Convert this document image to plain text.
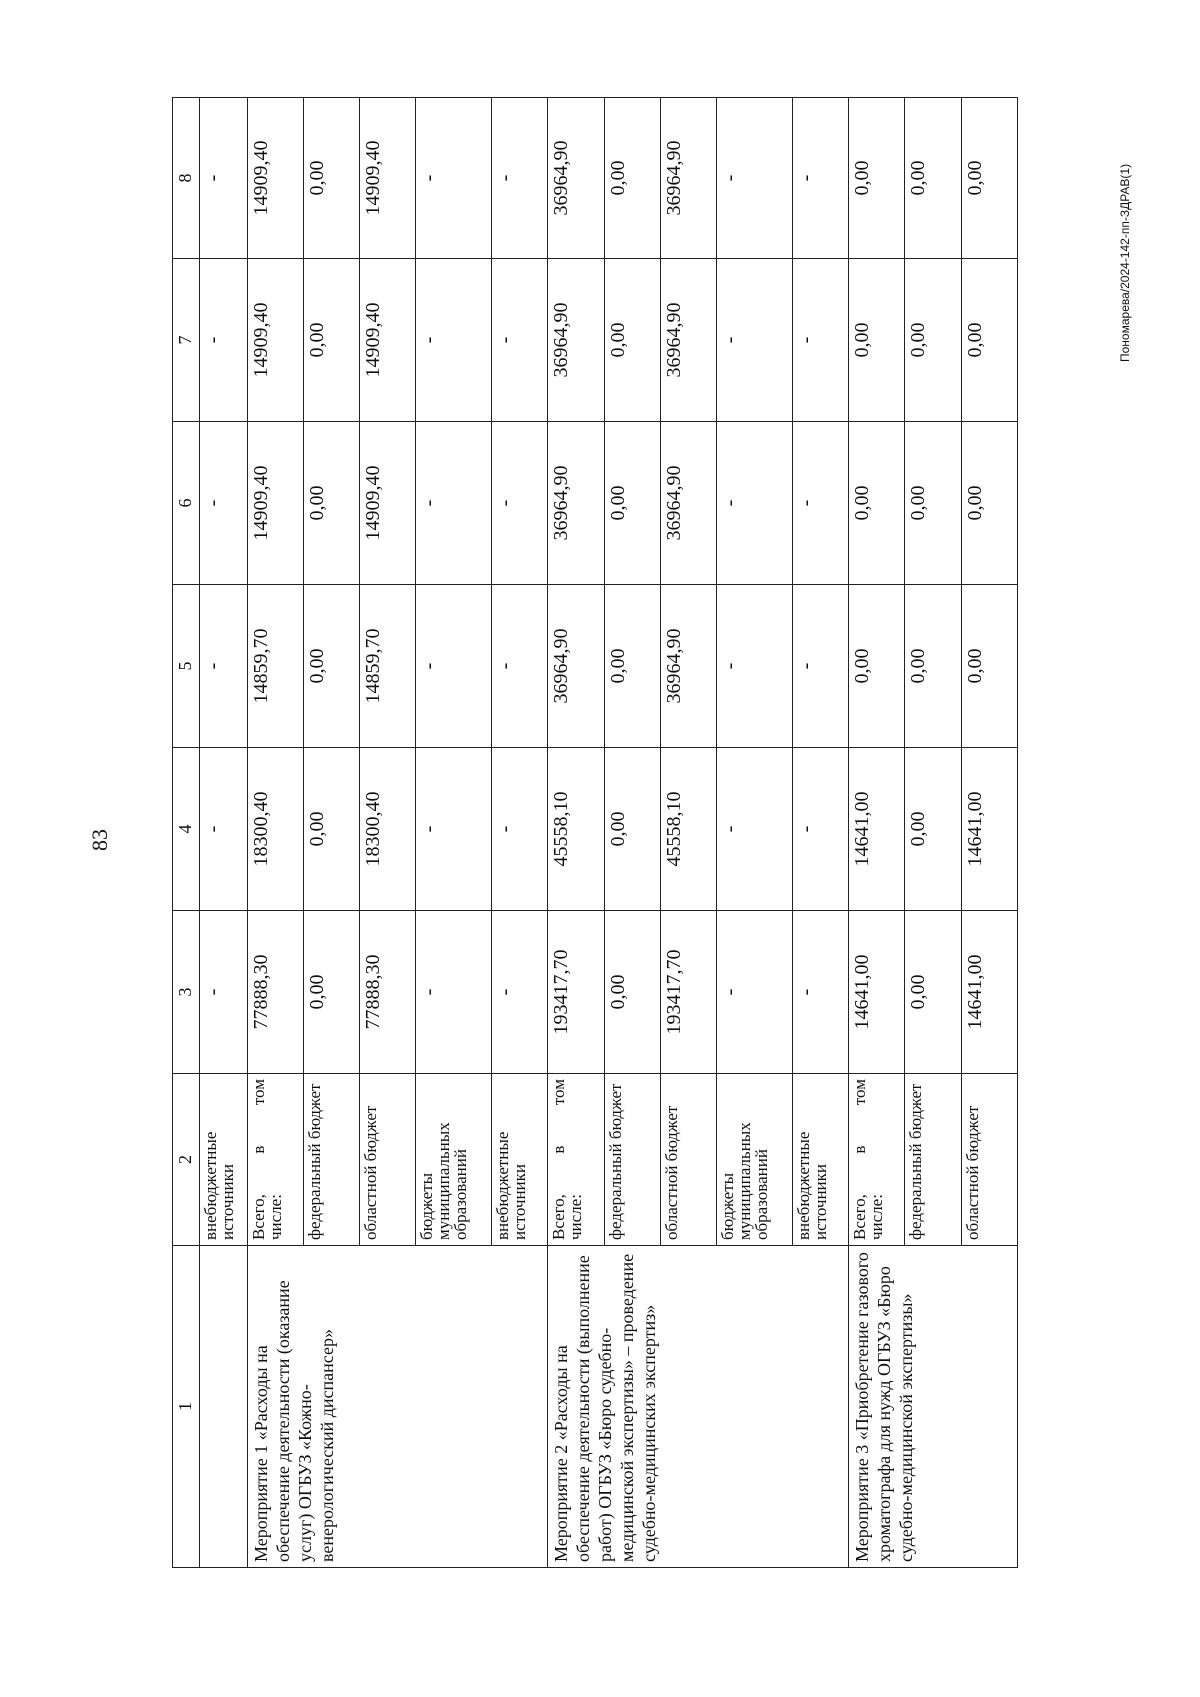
83
Пономарева/2024-142-пп-ЗДРАВ(1)
1	2	3	4	5	6	7	8
	внебюджетные источники	-	-	-	-	-	-
Мероприятие 1 «Расходы на обеспечение деятельности (оказание услуг) ОГБУЗ «Кожно-венерологический диспансер»	Всего,
в
том
числе:	77888,30	18300,40	14859,70	14909,40	14909,40	14909,40
	федеральный бюджет	0,00	0,00	0,00	0,00	0,00	0,00
	областной бюджет	77888,30	18300,40	14859,70	14909,40	14909,40	14909,40
	бюджеты муниципальных образований	-	-	-	-	-	-
	внебюджетные источники	-	-	-	-	-	-
Мероприятие 2 «Расходы на обеспечение деятельности (выполнение работ) ОГБУЗ «Бюро судебно-медицинской экспертизы» – проведение судебно-медицинских экспертиз»	Всего,
в
том
числе:	193417,70	45558,10	36964,90	36964,90	36964,90	36964,90
	федеральный бюджет	0,00	0,00	0,00	0,00	0,00	0,00
	областной бюджет	193417,70	45558,10	36964,90	36964,90	36964,90	36964,90
	бюджеты муниципальных образований	-	-	-	-	-	-
	внебюджетные источники	-	-	-	-	-	-
Мероприятие 3 «Приобретение газового хроматографа для нужд ОГБУЗ «Бюро судебно-медицинской экспертизы»	Всего,
в
том
числе:	14641,00	14641,00	0,00	0,00	0,00	0,00
	федеральный бюджет	0,00	0,00	0,00	0,00	0,00	0,00
	областной бюджет	14641,00	14641,00	0,00	0,00	0,00	0,00
